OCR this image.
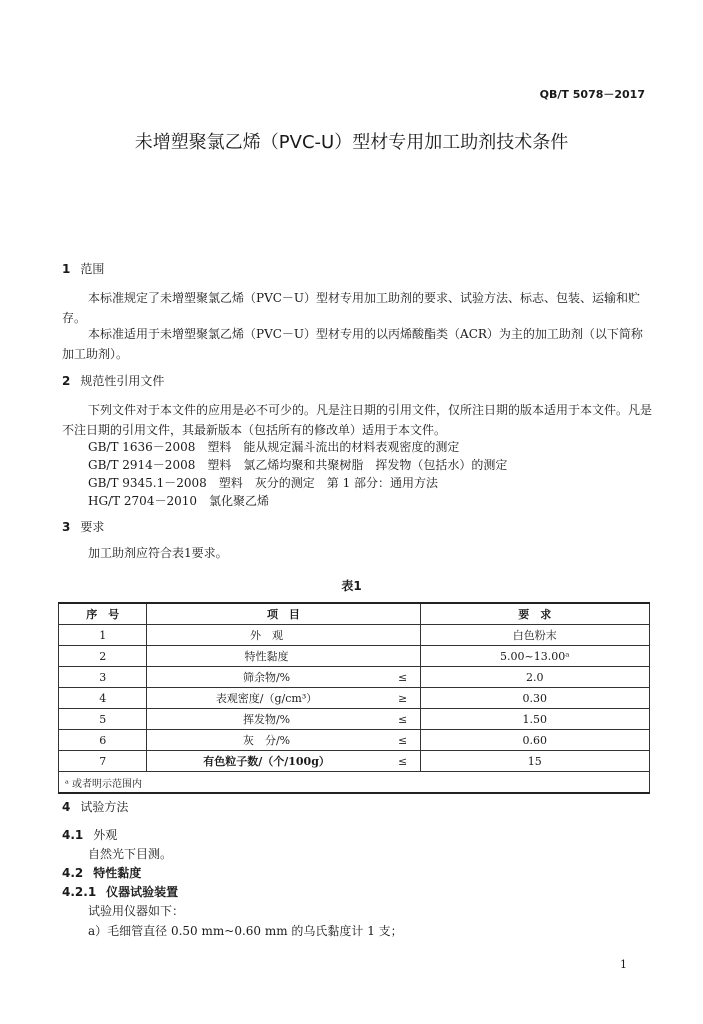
QB/T 5078－2017
未增塑聚氯乙烯（PVC-U）型材专用加工助剂技术条件
1 范围
本标准规定了未增塑聚氯乙烯（PVC－U）型材专用加工助剂的要求、试验方法、标志、包装、运输和贮存。
本标准适用于未增塑聚氯乙烯（PVC－U）型材专用的以丙烯酸酯类（ACR）为主的加工助剂（以下简称加工助剂）。
2 规范性引用文件
下列文件对于本文件的应用是必不可少的。凡是注日期的引用文件，仅所注日期的版本适用于本文件。凡是不注日期的引用文件，其最新版本（包括所有的修改单）适用于本文件。
GB/T 1636－2008　塑料　能从规定漏斗流出的材料表观密度的测定
GB/T 2914－2008　塑料　氯乙烯均聚和共聚树脂　挥发物（包括水）的测定
GB/T 9345.1－2008　塑料　灰分的测定　第 1 部分：通用方法
HG/T 2704－2010　氯化聚乙烯
3 要求
加工助剂应符合表1要求。
表1
序　号	项　目		要　求
1	外　观		白色粉末
2	特性黏度		5.00~13.00ᵃ
3	筛余物/%	≤	2.0
4	表观密度/（g/cm³）	≥	0.30
5	挥发物/%	≤	1.50
6	灰　分/%	≤	0.60
7	有色粒子数/（个/100g）	≤	15
ᵃ 或者明示范围内			
4 试验方法
4.1 外观
自然光下目测。
4.2 特性黏度
4.2.1 仪器试验装置
试验用仪器如下：
a）毛细管直径 0.50 mm~0.60 mm 的乌氏黏度计 1 支；
1
